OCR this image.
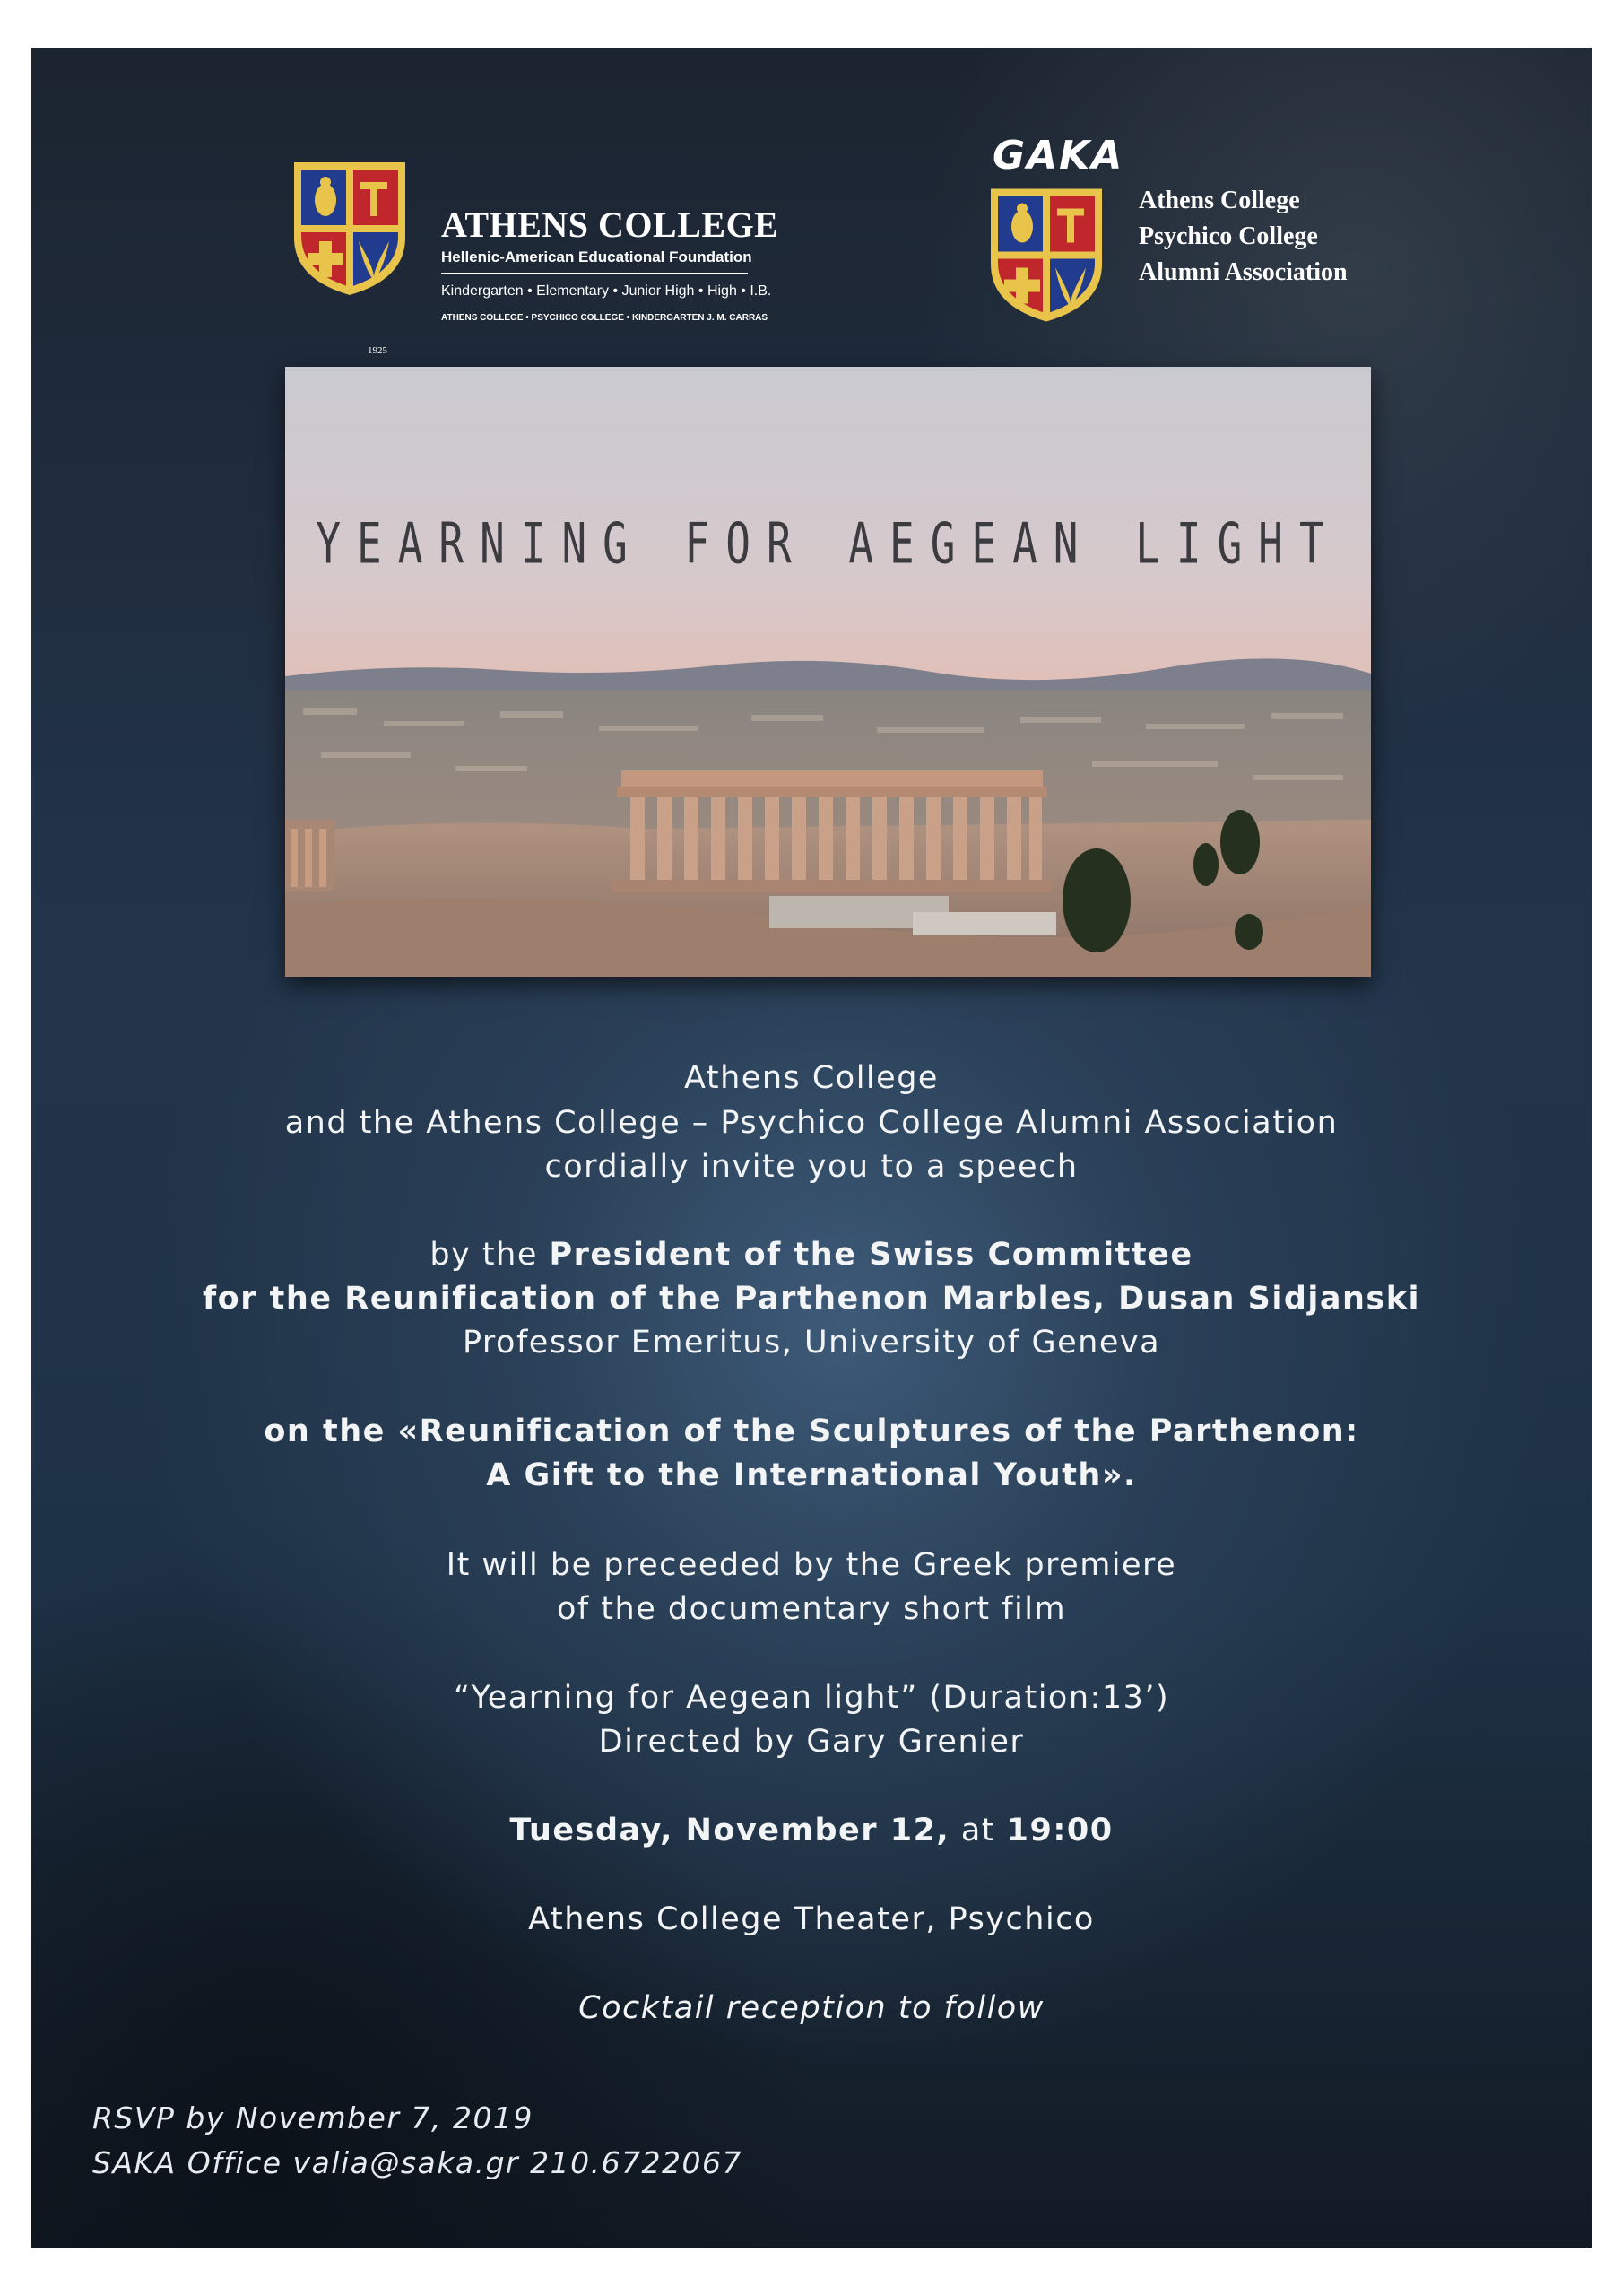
ATHENS COLLEGE
Hellenic-American Educational Foundation
Kindergarten • Elementary • Junior High • High • I.B.
ATHENS COLLEGE • PSYCHICO COLLEGE • KINDERGARTEN J. M. CARRAS
1925
GAKA
Athens College
Psychico College
Alumni Association
YEARNING FOR AEGEAN LIGHT
Athens College
and the Athens College – Psychico College Alumni Association
cordially invite you to a speech
by the President of the Swiss Committee
for the Reunification of the Parthenon Marbles, Dusan Sidjanski
Professor Emeritus, University of Geneva
on the «Reunification of the Sculptures of the Parthenon:
A Gift to the International Youth».
It will be preceeded by the Greek premiere
of the documentary short film
“Yearning for Aegean light” (Duration:13’)
Directed by Gary Grenier
Tuesday, November 12, at 19:00
Athens College Theater, Psychico
Cocktail reception to follow
RSVP by November 7, 2019
SAKA Office valia@saka.gr 210.6722067
